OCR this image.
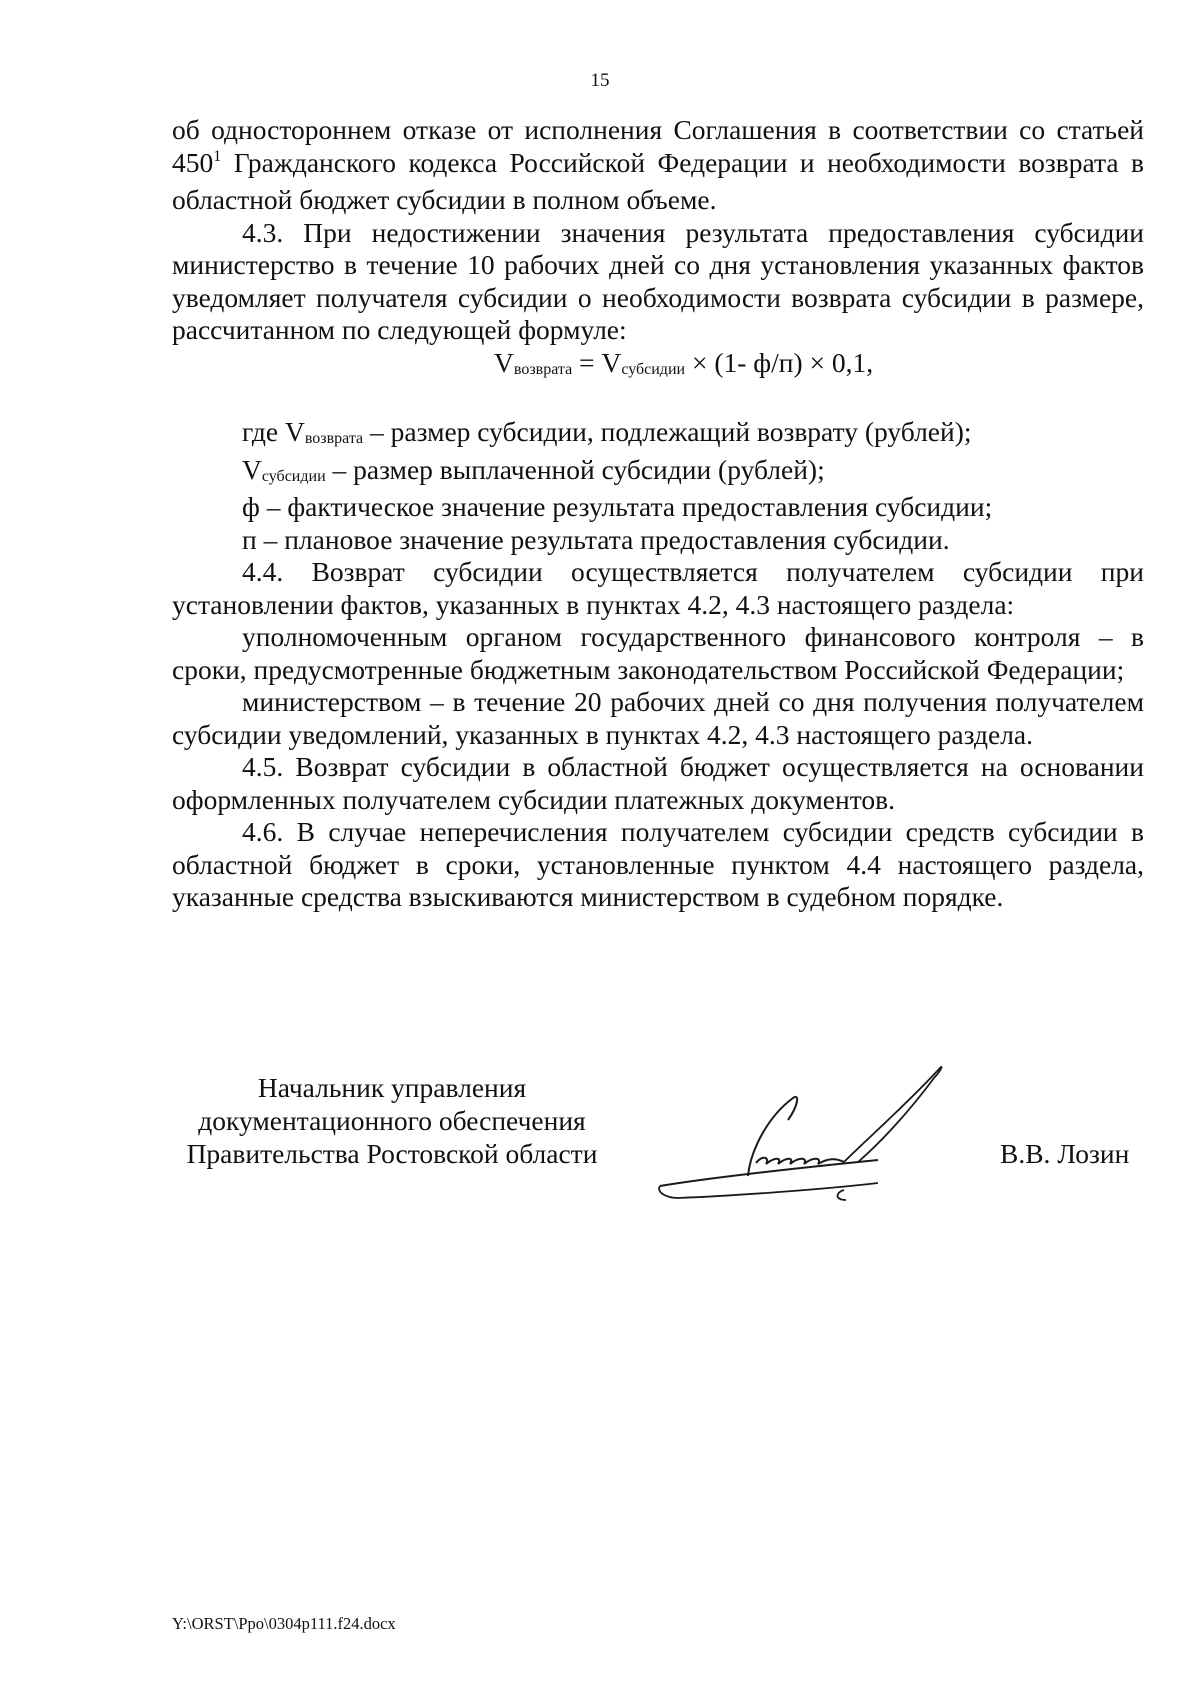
15

об одностороннем отказе от исполнения Соглашения в соответствии со статьей $450^1$ Гражданского кодекса Российской Федерации и необходимости возврата в областной бюджет субсидии в полном объеме.

4.3. При недостижении значения результата предоставления субсидии министерство в течение 10 рабочих дней со дня установления указанных фактов уведомляет получателя субсидии о необходимости возврата субсидии в размере, рассчитанном по следующей формуле:

$V_{возврата} = V_{субсидии} \times (1-$ ф/п) × 0,1,

где $V_{возврата}$ – размер субсидии, подлежащий возврату (рублей);

$V_{субсидии}$ – размер выплаченной субсидии (рублей);

ф – фактическое значение результата предоставления субсидии;

п – плановое значение результата предоставления субсидии.

4.4. Возврат субсидии осуществляется получателем субсидии при установлении фактов, указанных в пунктах 4.2, 4.3 настоящего раздела:

уполномоченным органом государственного финансового контроля – в сроки, предусмотренные бюджетным законодательством Российской Федерации;

министерством – в течение 20 рабочих дней со дня получения получателем субсидии уведомлений, указанных в пунктах 4.2, 4.3 настоящего раздела.

4.5. Возврат субсидии в областной бюджет осуществляется на основании оформленных получателем субсидии платежных документов.

4.6. В случае неперечисления получателем субсидии средств субсидии в областной бюджет в сроки, установленные пунктом 4.4 настоящего раздела, указанные средства взыскиваются министерством в судебном порядке.

Начальник управления
документационного обеспечения
Правительства Ростовской области	В.В. Лозин
Y:\ORST\Ppo\0304p111.f24.docx
